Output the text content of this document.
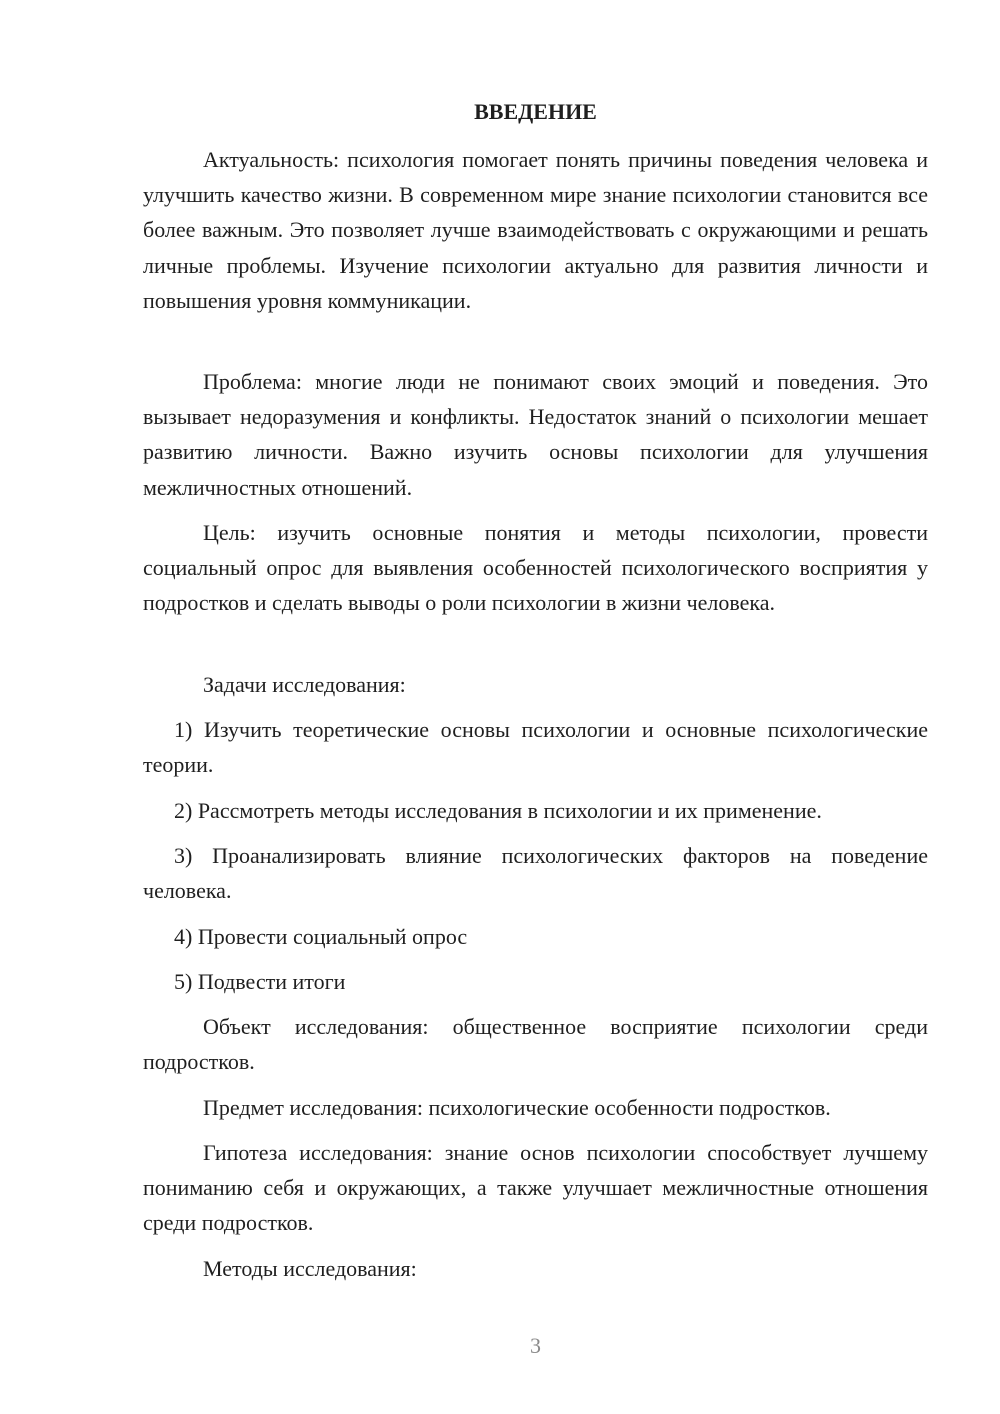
ВВЕДЕНИЕ

Актуальность: психология помогает понять причины поведения человека и улучшить качество жизни. В современном мире знание психологии становится все более важным. Это позволяет лучше взаимодействовать с окружающими и решать личные проблемы. Изучение психологии актуально для развития личности и повышения уровня коммуникации.

Проблема: многие люди не понимают своих эмоций и поведения. Это вызывает недоразумения и конфликты. Недостаток знаний о психологии мешает развитию личности. Важно изучить основы психологии для улучшения межличностных отношений.

Цель: изучить основные понятия и методы психологии, провести социальный опрос для выявления особенностей психологического восприятия у подростков и сделать выводы о роли психологии в жизни человека.

Задачи исследования:

1) Изучить теоретические основы психологии и основные психологические теории.

2) Рассмотреть методы исследования в психологии и их применение.

3) Проанализировать влияние психологических факторов на поведение человека.

4) Провести социальный опрос

5) Подвести итоги

Объект исследования: общественное восприятие психологии среди подростков.

Предмет исследования: психологические особенности подростков.

Гипотеза исследования: знание основ психологии способствует лучшему пониманию себя и окружающих, а также улучшает межличностные отношения среди подростков.

Методы исследования:

3
